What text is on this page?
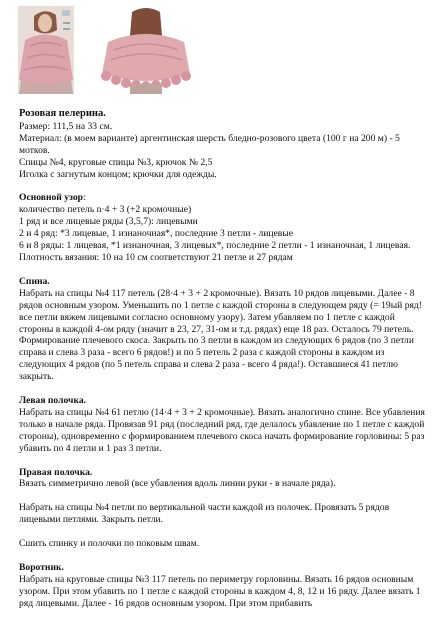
Розовая пелерина.

Размер: 111,5 на 33 см.

Материал: (в моем варианте) аргентинская шерсть бледно-розового цвета (100 г на 200 м) - 5 мотков.

Спицы №4, круговые спицы №3, крючок № 2,5

Иголка с загнутым концом; крючки для одежды.

Основной узор:

количество петель n·4 + 3 (+2 кромочные)

1 ряд и все лицевые ряды (3,5,7): лицевыми

2 и 4 ряд: *3 лицевые, 1 изнаночная*, последние 3 петли - лицевые

6 и 8 ряды: 1 лицевая, *1 изнаночная, 3 лицевых*, последние 2 петли - 1 изнаночная, 1 лицевая.

Плотность вязания: 10 на 10 см соответствуют 21 петле и 27 рядам

Спина.

Набрать на спицы №4 117 петель (28·4 + 3 + 2 кромочные). Вязать 10 рядов лицевыми. Далее - 8 рядов основным узором. Уменьшить по 1 петле с каждой стороны в следующем ряду (= 19ый ряд! все петли вяжем лицевыми согласно основному узору). Затем убавляем по 1 петле с каждой стороны в каждой 4-ом ряду (значит в 23, 27, 31-ом и т.д. рядах) еще 18 раз. Осталось 79 петель.

Формирование плечевого скоса. Закрыть по 3 петли в каждом из следующих 6 рядов (по 3 петли справа и слева 3 раза - всего 6 рядов!) и по 5 петель 2 раза с каждой стороны в каждом из следующих 4 рядов (по 5 петель справа и слева 2 раза - всего 4 ряда!). Оставшиеся 41 петлю закрыть.

Левая полочка.

Набрать на спицы №4 61 петлю (14·4 + 3 + 2 кромочные). Вязать аналогично спине. Все убавления только в начале ряда. Провязав 91 ряд (последний ряд, где делалось убавление по 1 петле с каждой стороны), одновременно с формированием плечевого скоса начать формирование горловины: 5 раз убавить по 4 петли и 1 раз 3 петли.

Правая полочка.

Вязать симметрично левой (все убавления вдоль линии руки - в начале ряда).

Набрать на спицы №4 петли по вертикальной части каждой из полочек. Провязать 5 рядов лицевыми петлями. Закрыть петли.

Сшить спинку и полочки по поковым швам.

Воротник.

Набрать на круговые спицы №3 117 петель по периметру горловины. Вязать 16 рядов основным узором. При этом убавить по 1 петле с каждой стороны в каждом 4, 8, 12 и 16 ряду. Далее вязать 1 ряд лицевыми. Далее - 16 рядов основным узором. При этом прибавить
